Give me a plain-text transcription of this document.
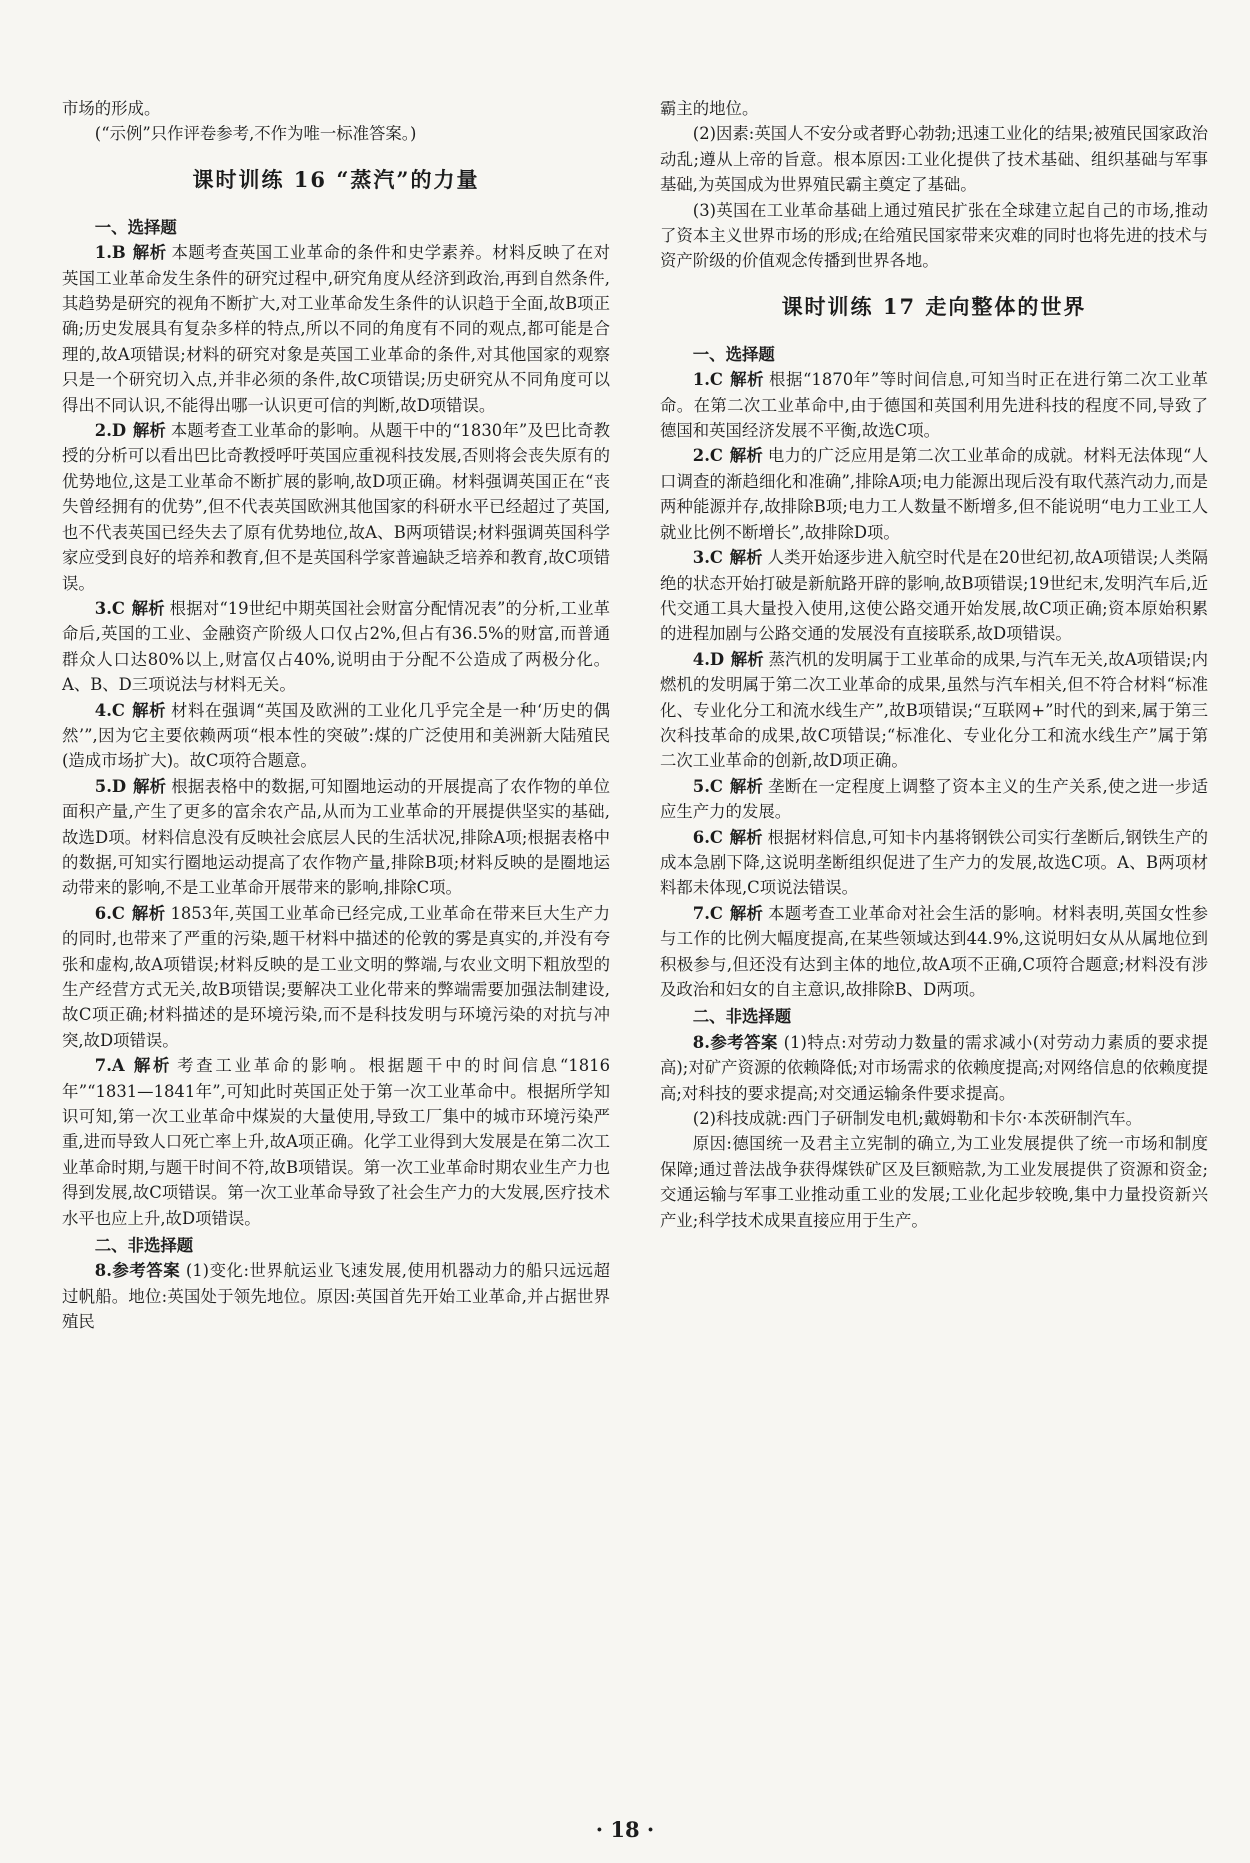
市场的形成。

(“示例”只作评卷参考,不作为唯一标准答案。)

课时训练 16 “蒸汽”的力量
一、选择题

1.B 解析 本题考查英国工业革命的条件和史学素养。材料反映了在对英国工业革命发生条件的研究过程中,研究角度从经济到政治,再到自然条件,其趋势是研究的视角不断扩大,对工业革命发生条件的认识趋于全面,故B项正确;历史发展具有复杂多样的特点,所以不同的角度有不同的观点,都可能是合理的,故A项错误;材料的研究对象是英国工业革命的条件,对其他国家的观察只是一个研究切入点,并非必须的条件,故C项错误;历史研究从不同角度可以得出不同认识,不能得出哪一认识更可信的判断,故D项错误。

2.D 解析 本题考查工业革命的影响。从题干中的“1830年”及巴比奇教授的分析可以看出巴比奇教授呼吁英国应重视科技发展,否则将会丧失原有的优势地位,这是工业革命不断扩展的影响,故D项正确。材料强调英国正在“丧失曾经拥有的优势”,但不代表英国欧洲其他国家的科研水平已经超过了英国,也不代表英国已经失去了原有优势地位,故A、B两项错误;材料强调英国科学家应受到良好的培养和教育,但不是英国科学家普遍缺乏培养和教育,故C项错误。

3.C 解析 根据对“19世纪中期英国社会财富分配情况表”的分析,工业革命后,英国的工业、金融资产阶级人口仅占2%,但占有36.5%的财富,而普通群众人口达80%以上,财富仅占40%,说明由于分配不公造成了两极分化。A、B、D三项说法与材料无关。

4.C 解析 材料在强调“英国及欧洲的工业化几乎完全是一种‘历史的偶然’”,因为它主要依赖两项“根本性的突破”:煤的广泛使用和美洲新大陆殖民(造成市场扩大)。故C项符合题意。

5.D 解析 根据表格中的数据,可知圈地运动的开展提高了农作物的单位面积产量,产生了更多的富余农产品,从而为工业革命的开展提供坚实的基础,故选D项。材料信息没有反映社会底层人民的生活状况,排除A项;根据表格中的数据,可知实行圈地运动提高了农作物产量,排除B项;材料反映的是圈地运动带来的影响,不是工业革命开展带来的影响,排除C项。

6.C 解析 1853年,英国工业革命已经完成,工业革命在带来巨大生产力的同时,也带来了严重的污染,题干材料中描述的伦敦的雾是真实的,并没有夸张和虚构,故A项错误;材料反映的是工业文明的弊端,与农业文明下粗放型的生产经营方式无关,故B项错误;要解决工业化带来的弊端需要加强法制建设,故C项正确;材料描述的是环境污染,而不是科技发明与环境污染的对抗与冲突,故D项错误。

7.A 解析 考查工业革命的影响。根据题干中的时间信息“1816年”“1831—1841年”,可知此时英国正处于第一次工业革命中。根据所学知识可知,第一次工业革命中煤炭的大量使用,导致工厂集中的城市环境污染严重,进而导致人口死亡率上升,故A项正确。化学工业得到大发展是在第二次工业革命时期,与题干时间不符,故B项错误。第一次工业革命时期农业生产力也得到发展,故C项错误。第一次工业革命导致了社会生产力的大发展,医疗技术水平也应上升,故D项错误。

二、非选择题

8.参考答案 (1)变化:世界航运业飞速发展,使用机器动力的船只远远超过帆船。地位:英国处于领先地位。原因:英国首先开始工业革命,并占据世界殖民

霸主的地位。

(2)因素:英国人不安分或者野心勃勃;迅速工业化的结果;被殖民国家政治动乱;遵从上帝的旨意。根本原因:工业化提供了技术基础、组织基础与军事基础,为英国成为世界殖民霸主奠定了基础。

(3)英国在工业革命基础上通过殖民扩张在全球建立起自己的市场,推动了资本主义世界市场的形成;在给殖民国家带来灾难的同时也将先进的技术与资产阶级的价值观念传播到世界各地。

课时训练 17 走向整体的世界
一、选择题

1.C 解析 根据“1870年”等时间信息,可知当时正在进行第二次工业革命。在第二次工业革命中,由于德国和英国利用先进科技的程度不同,导致了德国和英国经济发展不平衡,故选C项。

2.C 解析 电力的广泛应用是第二次工业革命的成就。材料无法体现“人口调查的渐趋细化和准确”,排除A项;电力能源出现后没有取代蒸汽动力,而是两种能源并存,故排除B项;电力工人数量不断增多,但不能说明“电力工业工人就业比例不断增长”,故排除D项。

3.C 解析 人类开始逐步进入航空时代是在20世纪初,故A项错误;人类隔绝的状态开始打破是新航路开辟的影响,故B项错误;19世纪末,发明汽车后,近代交通工具大量投入使用,这使公路交通开始发展,故C项正确;资本原始积累的进程加剧与公路交通的发展没有直接联系,故D项错误。

4.D 解析 蒸汽机的发明属于工业革命的成果,与汽车无关,故A项错误;内燃机的发明属于第二次工业革命的成果,虽然与汽车相关,但不符合材料“标准化、专业化分工和流水线生产”,故B项错误;“互联网+”时代的到来,属于第三次科技革命的成果,故C项错误;“标准化、专业化分工和流水线生产”属于第二次工业革命的创新,故D项正确。

5.C 解析 垄断在一定程度上调整了资本主义的生产关系,使之进一步适应生产力的发展。

6.C 解析 根据材料信息,可知卡内基将钢铁公司实行垄断后,钢铁生产的成本急剧下降,这说明垄断组织促进了生产力的发展,故选C项。A、B两项材料都未体现,C项说法错误。

7.C 解析 本题考查工业革命对社会生活的影响。材料表明,英国女性参与工作的比例大幅度提高,在某些领域达到44.9%,这说明妇女从从属地位到积极参与,但还没有达到主体的地位,故A项不正确,C项符合题意;材料没有涉及政治和妇女的自主意识,故排除B、D两项。

二、非选择题

8.参考答案 (1)特点:对劳动力数量的需求减小(对劳动力素质的要求提高);对矿产资源的依赖降低;对市场需求的依赖度提高;对网络信息的依赖度提高;对科技的要求提高;对交通运输条件要求提高。

(2)科技成就:西门子研制发电机;戴姆勒和卡尔·本茨研制汽车。

原因:德国统一及君主立宪制的确立,为工业发展提供了统一市场和制度保障;通过普法战争获得煤铁矿区及巨额赔款,为工业发展提供了资源和资金;交通运输与军事工业推动重工业的发展;工业化起步较晚,集中力量投资新兴产业;科学技术成果直接应用于生产。

· 18 ·
